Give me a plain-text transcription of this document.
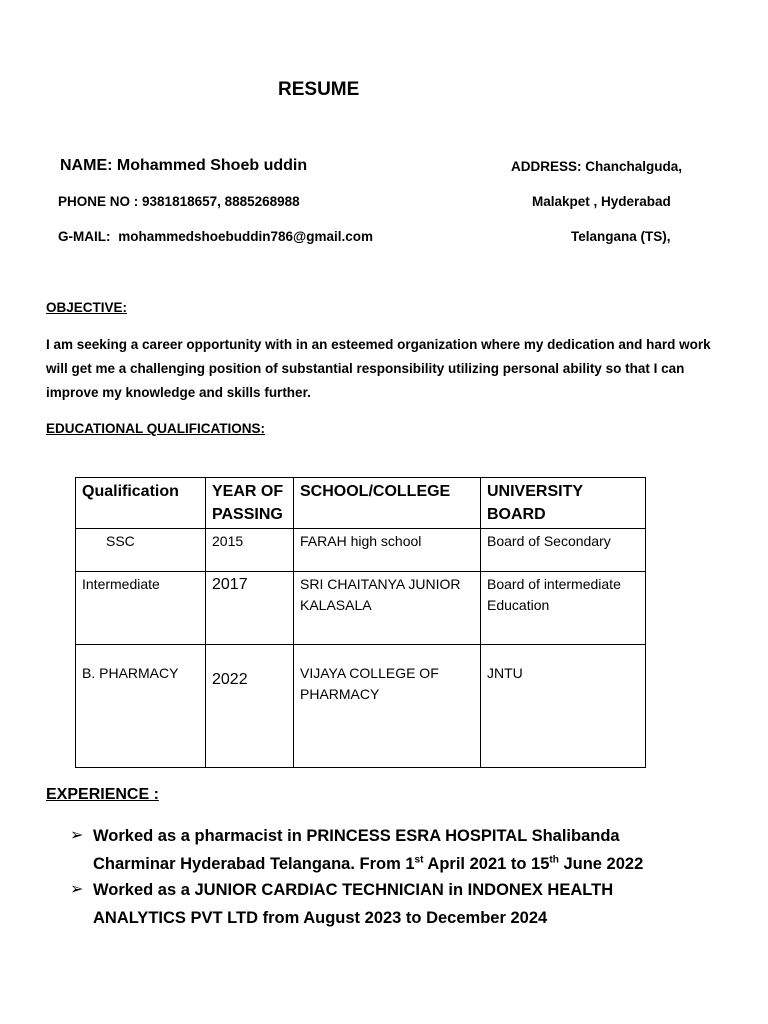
RESUME
NAME: Mohammed Shoeb uddin
PHONE NO : 9381818657, 8885268988
G-MAIL: mohammedshoebuddin786@gmail.com
ADDRESS: Chanchalguda,
Malakpet , Hyderabad
Telangana (TS),
OBJECTIVE:
I am seeking a career opportunity with in an esteemed organization where my dedication and hard work will get me a challenging position of substantial responsibility utilizing personal ability so that I can improve my knowledge and skills further.
EDUCATIONAL QUALIFICATIONS:
Qualification	YEAR OF PASSING	SCHOOL/COLLEGE	UNIVERSITY BOARD
SSC	2015	FARAH high school	Board of Secondary
Intermediate	2017	SRI CHAITANYA JUNIOR KALASALA	Board of intermediate Education
B. PHARMACY	2022	VIJAYA COLLEGE OF PHARMACY	JNTU
EXPERIENCE :
➢ Worked as a pharmacist in PRINCESS ESRA HOSPITAL Shalibanda
Charminar Hyderabad Telangana. From 1st April 2021 to 15th June 2022
➢ Worked as a JUNIOR CARDIAC TECHNICIAN in INDONEX HEALTH
ANALYTICS PVT LTD from August 2023 to December 2024
